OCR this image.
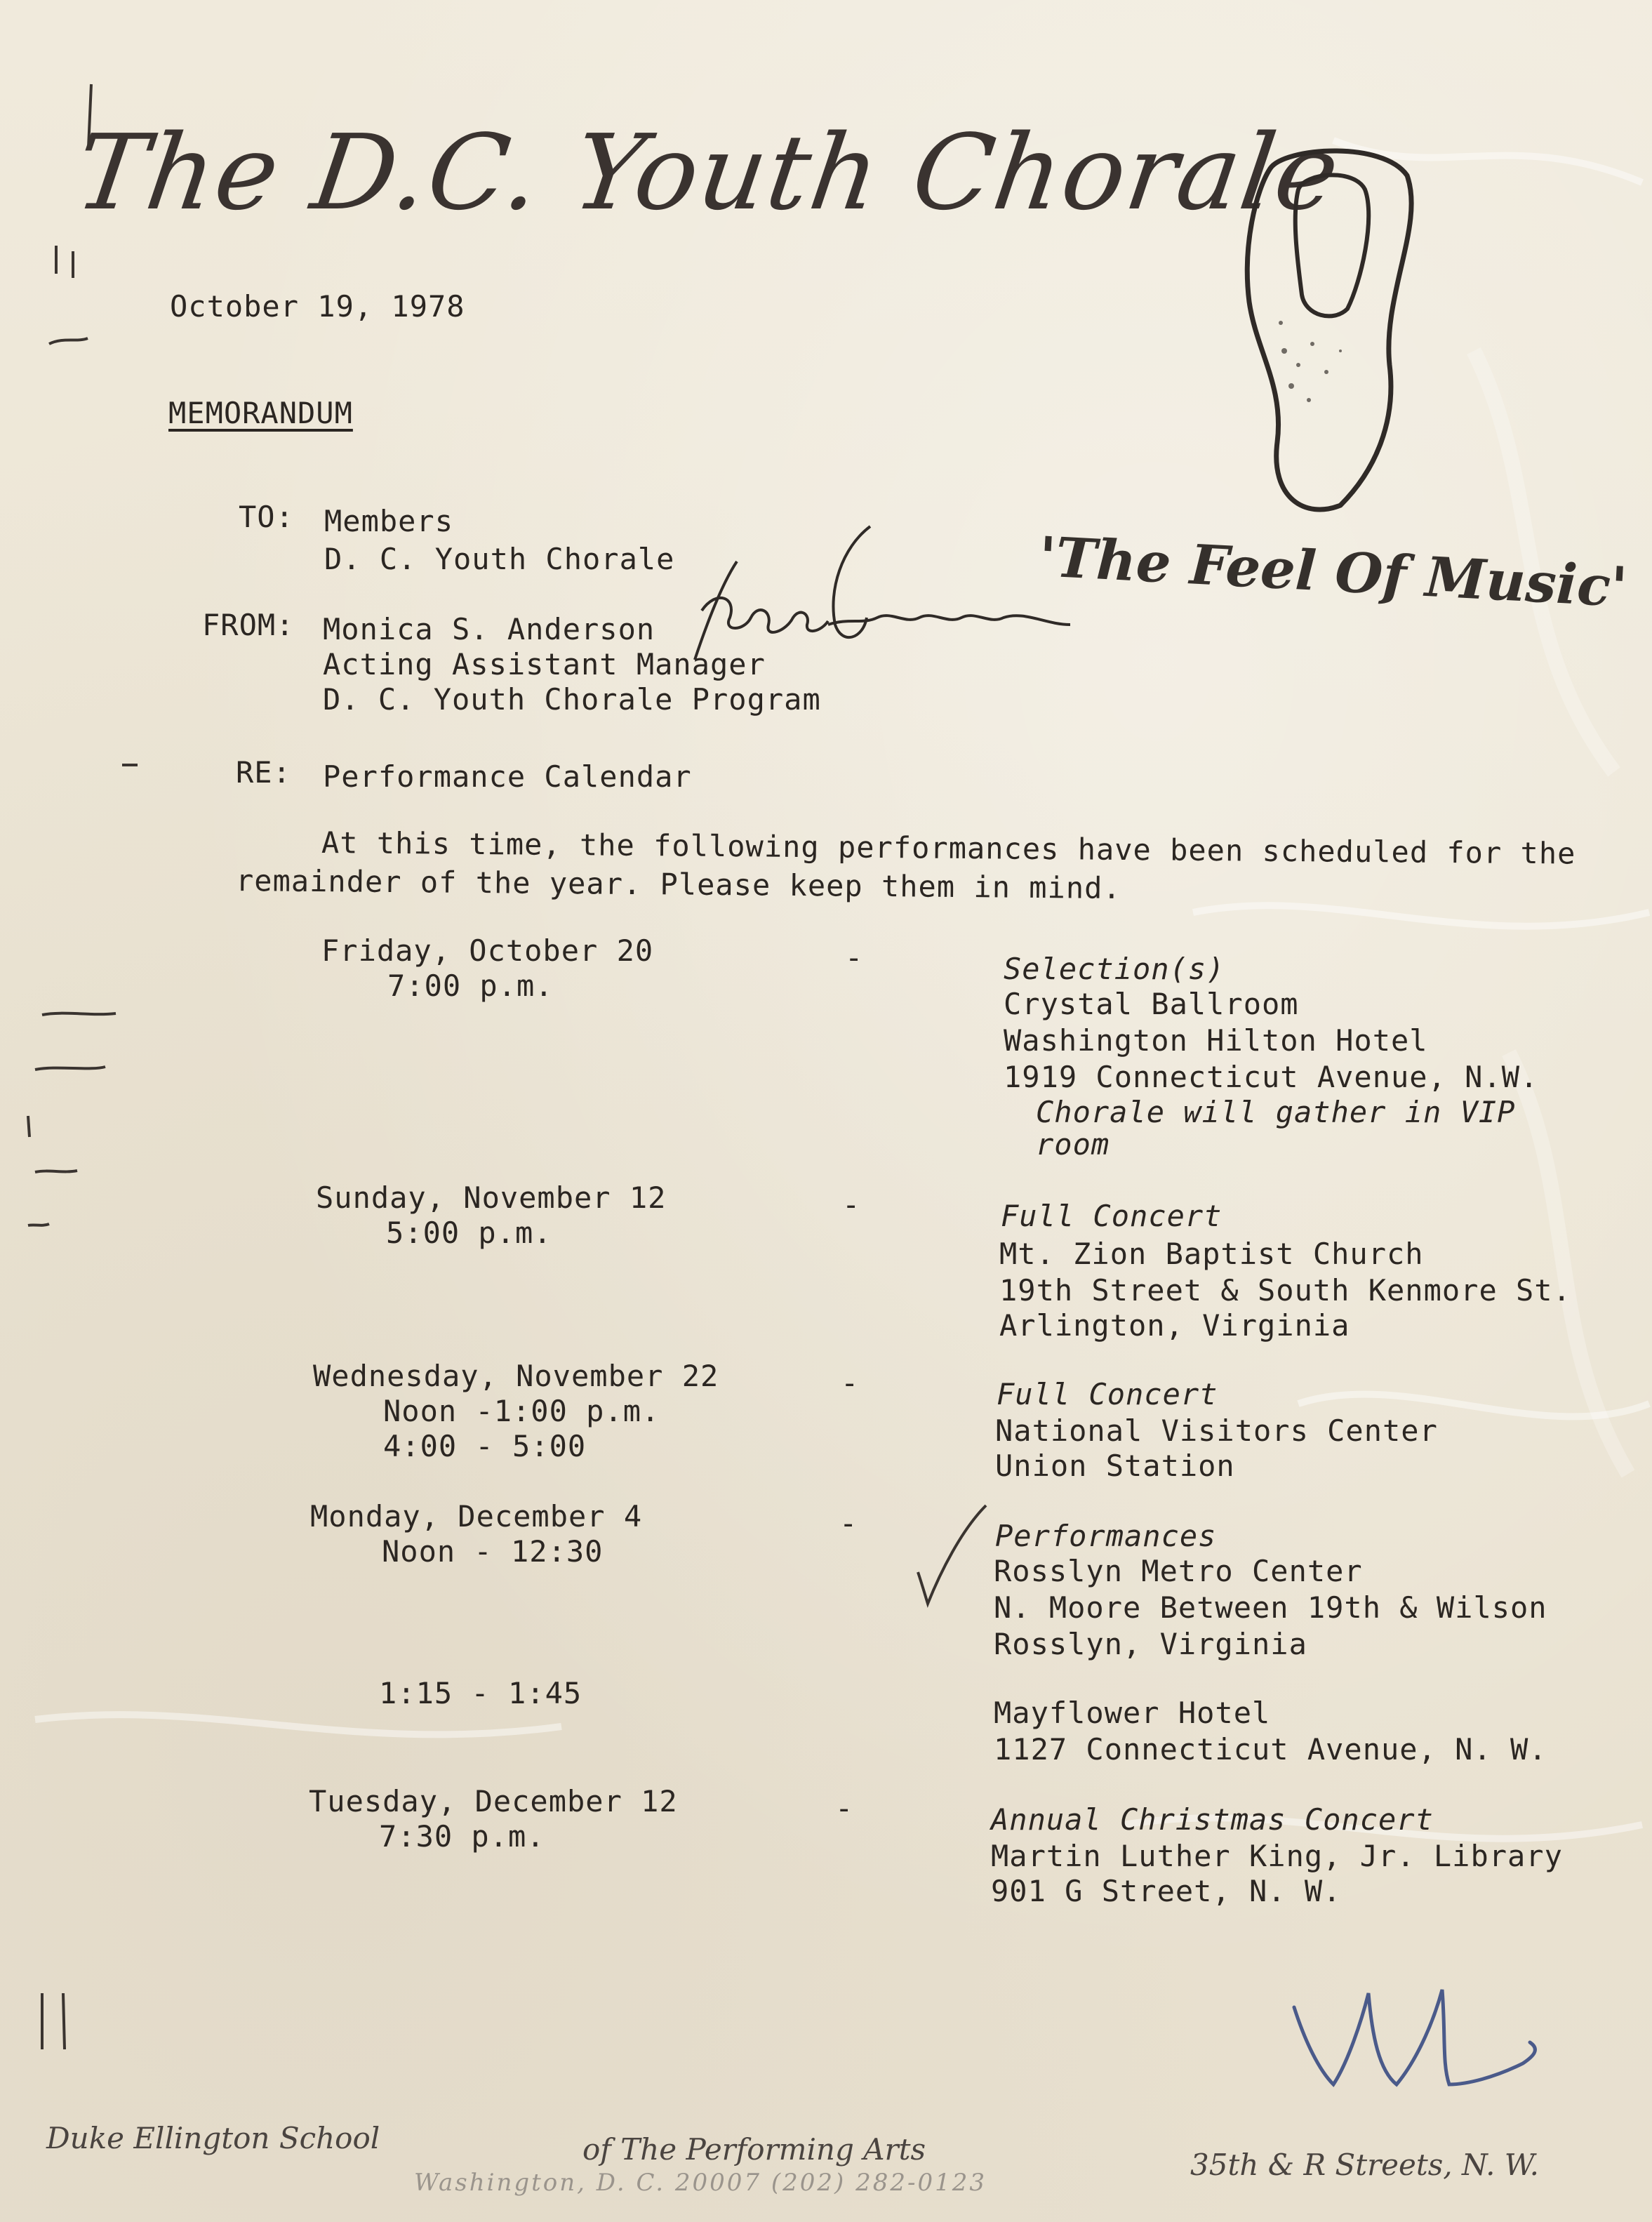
The D.C. Youth Chorale
'The Feel Of Music'
October 19, 1978
MEMORANDUM
TO: Members
D. C. Youth Chorale
FROM: Monica S. Anderson
Acting Assistant Manager
D. C. Youth Chorale Program
RE: Performance Calendar
At this time, the following performances have been scheduled for the
remainder of the year. Please keep them in mind.
Friday, October 20
7:00 p.m.
-	Selection(s)
Crystal Ballroom
Washington Hilton Hotel
1919 Connecticut Avenue, N.W.
Chorale will gather in VIP
room
Sunday, November 12
5:00 p.m.
-	Full Concert
Mt. Zion Baptist Church
19th Street & South Kenmore St.
Arlington, Virginia
Wednesday, November 22
Noon -1:00 p.m.
4:00 - 5:00
-	Full Concert
National Visitors Center
Union Station
Monday, December 4
Noon - 12:30
-	Performances
Rosslyn Metro Center
N. Moore Between 19th & Wilson
Rosslyn, Virginia
1:15 - 1:45
Mayflower Hotel
1127 Connecticut Avenue, N. W.
Tuesday, December 12
7:30 p.m.
-	Annual Christmas Concert
Martin Luther King, Jr. Library
901 G Street, N. W.
Duke Ellington School	of The Performing Arts
Washington, D. C. 20007 (202) 282-0123
35th & R Streets, N. W.
